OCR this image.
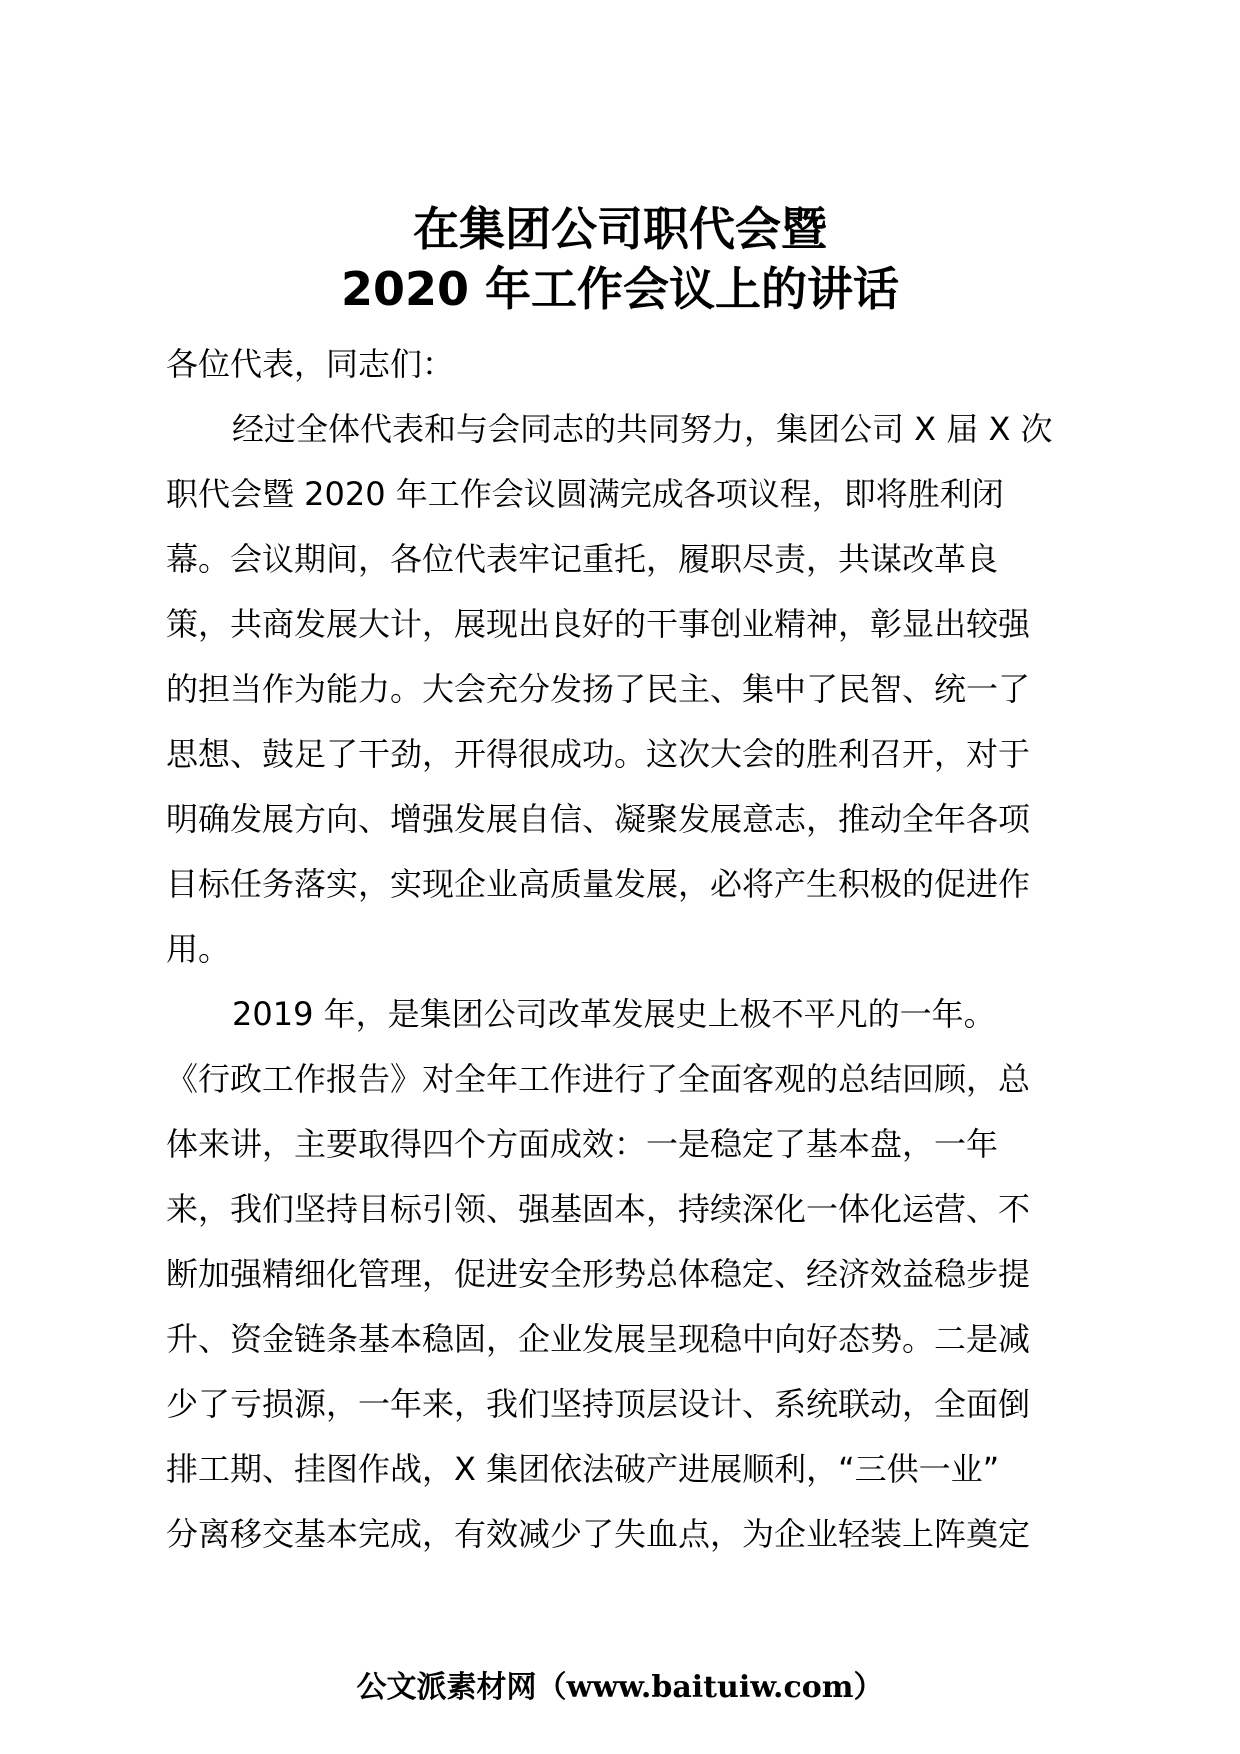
在集团公司职代会暨
2020 年工作会议上的讲话
各位代表，同志们：
经过全体代表和与会同志的共同努力，集团公司 X 届 X 次
职代会暨 2020 年工作会议圆满完成各项议程，即将胜利闭
幕。会议期间，各位代表牢记重托，履职尽责，共谋改革良
策，共商发展大计，展现出良好的干事创业精神，彰显出较强
的担当作为能力。大会充分发扬了民主、集中了民智、统一了
思想、鼓足了干劲，开得很成功。这次大会的胜利召开，对于
明确发展方向、增强发展自信、凝聚发展意志，推动全年各项
目标任务落实，实现企业高质量发展，必将产生积极的促进作
用。
2019 年，是集团公司改革发展史上极不平凡的一年。
《行政工作报告》对全年工作进行了全面客观的总结回顾，总
体来讲，主要取得四个方面成效：一是稳定了基本盘，一年
来，我们坚持目标引领、强基固本，持续深化一体化运营、不
断加强精细化管理，促进安全形势总体稳定、经济效益稳步提
升、资金链条基本稳固，企业发展呈现稳中向好态势。二是减
少了亏损源，一年来，我们坚持顶层设计、系统联动，全面倒
排工期、挂图作战，X 集团依法破产进展顺利，“三供一业”
分离移交基本完成，有效减少了失血点，为企业轻装上阵奠定
公文派素材网（www.baituiw.com）
